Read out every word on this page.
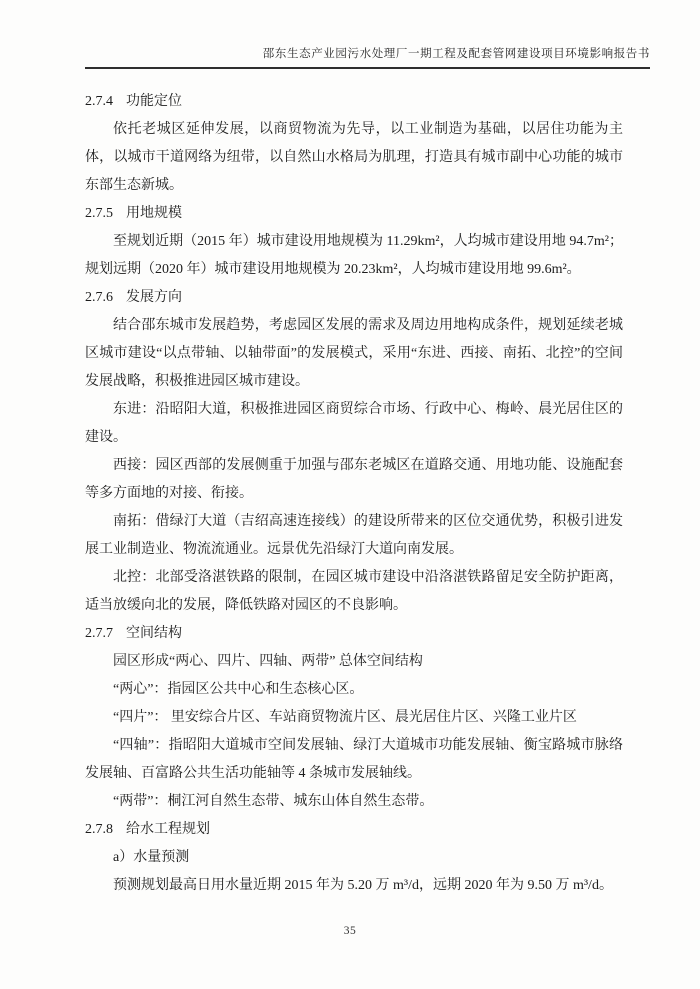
邵东生态产业园污水处理厂一期工程及配套管网建设项目环境影响报告书
2.7.4 功能定位

依托老城区延伸发展，以商贸物流为先导，以工业制造为基础，以居住功能为主体，以城市干道网络为纽带，以自然山水格局为肌理，打造具有城市副中心功能的城市东部生态新城。

2.7.5 用地规模

至规划近期（2015 年）城市建设用地规模为 11.29km²，人均城市建设用地 94.7m²；规划远期（2020 年）城市建设用地规模为 20.23km²，人均城市建设用地 99.6m²。

2.7.6 发展方向

结合邵东城市发展趋势，考虑园区发展的需求及周边用地构成条件，规划延续老城区城市建设“以点带轴、以轴带面”的发展模式，采用“东进、西接、南拓、北控”的空间发展战略，积极推进园区城市建设。

东进：沿昭阳大道，积极推进园区商贸综合市场、行政中心、梅岭、晨光居住区的建设。

西接：园区西部的发展侧重于加强与邵东老城区在道路交通、用地功能、设施配套等多方面地的对接、衔接。

南拓：借绿汀大道（吉绍高速连接线）的建设所带来的区位交通优势，积极引进发展工业制造业、物流流通业。远景优先沿绿汀大道向南发展。

北控：北部受洛湛铁路的限制，在园区城市建设中沿洛湛铁路留足安全防护距离，适当放缓向北的发展，降低铁路对园区的不良影响。

2.7.7 空间结构

园区形成“两心、四片、四轴、两带” 总体空间结构

“两心”：指园区公共中心和生态核心区。

“四片”： 里安综合片区、车站商贸物流片区、晨光居住片区、兴隆工业片区

“四轴”：指昭阳大道城市空间发展轴、绿汀大道城市功能发展轴、衡宝路城市脉络发展轴、百富路公共生活功能轴等 4 条城市发展轴线。

“两带”：桐江河自然生态带、城东山体自然生态带。

2.7.8 给水工程规划

a）水量预测

预测规划最高日用水量近期 2015 年为 5.20 万 m³/d，远期 2020 年为 9.50 万 m³/d。

35
